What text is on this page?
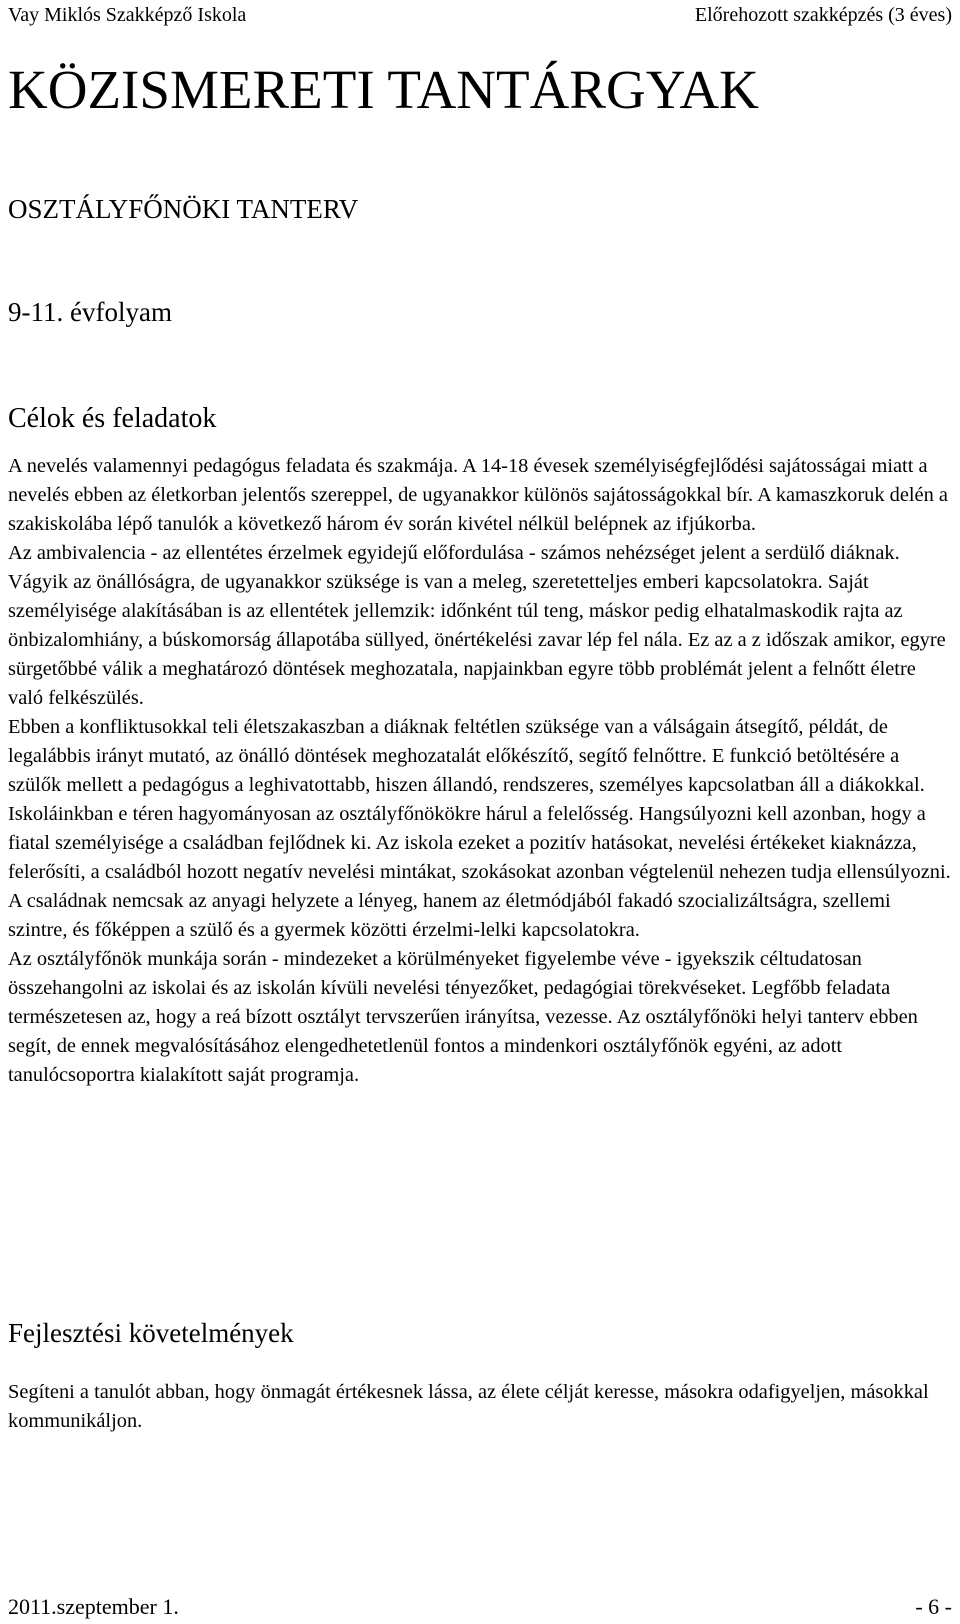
Vay Miklós Szakképző Iskola	Előrehozott szakképzés (3 éves)
KÖZISMERETI TANTÁRGYAK
OSZTÁLYFŐNÖKI TANTERV
9-11. évfolyam
Célok és feladatok

A nevelés valamennyi pedagógus feladata és szakmája. A 14-18 évesek személyiségfejlődési sajátosságai miatt a nevelés ebben az életkorban jelentős szereppel, de ugyanakkor különös sajátosságokkal bír. A kamaszkoruk delén a szakiskolába lépő tanulók a következő három év során kivétel nélkül belépnek az ifjúkorba.

Az ambivalencia - az ellentétes érzelmek egyidejű előfordulása - számos nehézséget jelent a serdülő diáknak. Vágyik az önállóságra, de ugyanakkor szüksége is van a meleg, szeretetteljes emberi kapcsolatokra. Saját személyisége alakításában is az ellentétek jellemzik: időnként túl teng, máskor pedig elhatalmaskodik rajta az önbizalomhiány, a búskomorság állapotába süllyed, önértékelési zavar lép fel nála. Ez az a z időszak amikor, egyre sürgetőbbé válik a meghatározó döntések meghozatala, napjainkban egyre több problémát jelent a felnőtt életre való felkészülés.

Ebben a konfliktusokkal teli életszakaszban a diáknak feltétlen szüksége van a válságain átsegítő, példát, de legalábbis irányt mutató, az önálló döntések meghozatalát előkészítő, segítő felnőttre. E funkció betöltésére a szülők mellett a pedagógus a leghivatottabb, hiszen állandó, rendszeres, személyes kapcsolatban áll a diákokkal. Iskoláinkban e téren hagyományosan az osztályfőnökökre hárul a felelősség. Hangsúlyozni kell azonban, hogy a fiatal személyisége a családban fejlődnek ki. Az iskola ezeket a pozitív hatásokat, nevelési értékeket kiaknázza, felerősíti, a családból hozott negatív nevelési mintákat, szokásokat azonban végtelenül nehezen tudja ellensúlyozni. A családnak nemcsak az anyagi helyzete a lényeg, hanem az életmódjából fakadó szocializáltságra, szellemi szintre, és főképpen a szülő és a gyermek közötti érzelmi-lelki kapcsolatokra.

Az osztályfőnök munkája során - mindezeket a körülményeket figyelembe véve - igyekszik céltudatosan összehangolni az iskolai és az iskolán kívüli nevelési tényezőket, pedagógiai törekvéseket. Legfőbb feladata természetesen az, hogy a reá bízott osztályt tervszerűen irányítsa, vezesse. Az osztályfőnöki helyi tanterv ebben segít, de ennek megvalósításához elengedhetetlenül fontos a mindenkori osztályfőnök egyéni, az adott tanulócsoportra kialakított saját programja.

Fejlesztési követelmények

Segíteni a tanulót abban, hogy önmagát értékesnek lássa, az élete célját keresse, másokra odafigyeljen, másokkal kommunikáljon.

2011.szeptember 1.	- 6 -
